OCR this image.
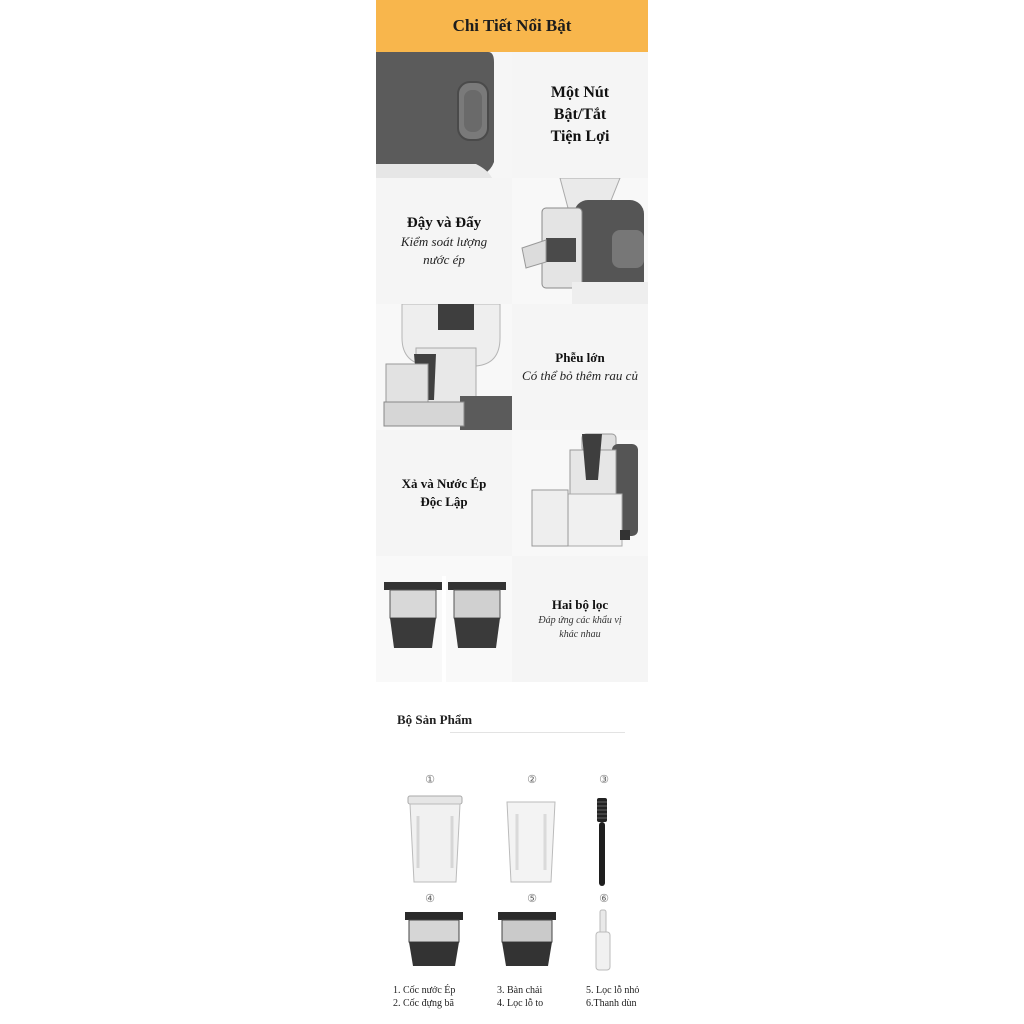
Chi Tiết Nổi Bật
Một Nút
Bật/Tắt
Tiện Lợi
Đậy và Đẩy
Kiểm soát lượng
nước ép
Phễu lớn
Có thể bỏ thêm rau củ
Xả và Nước Ép
Độc Lập
Hai bộ lọc
Đáp ứng các khẩu vị
khác nhau
Bộ Sản Phẩm
①	②	③
④	⑤	⑥
1. Cốc nước Ép
2. Cốc đựng bã
3. Bàn chải
4. Lọc lỗ to
5. Lọc lỗ nhỏ
6.Thanh dùn
